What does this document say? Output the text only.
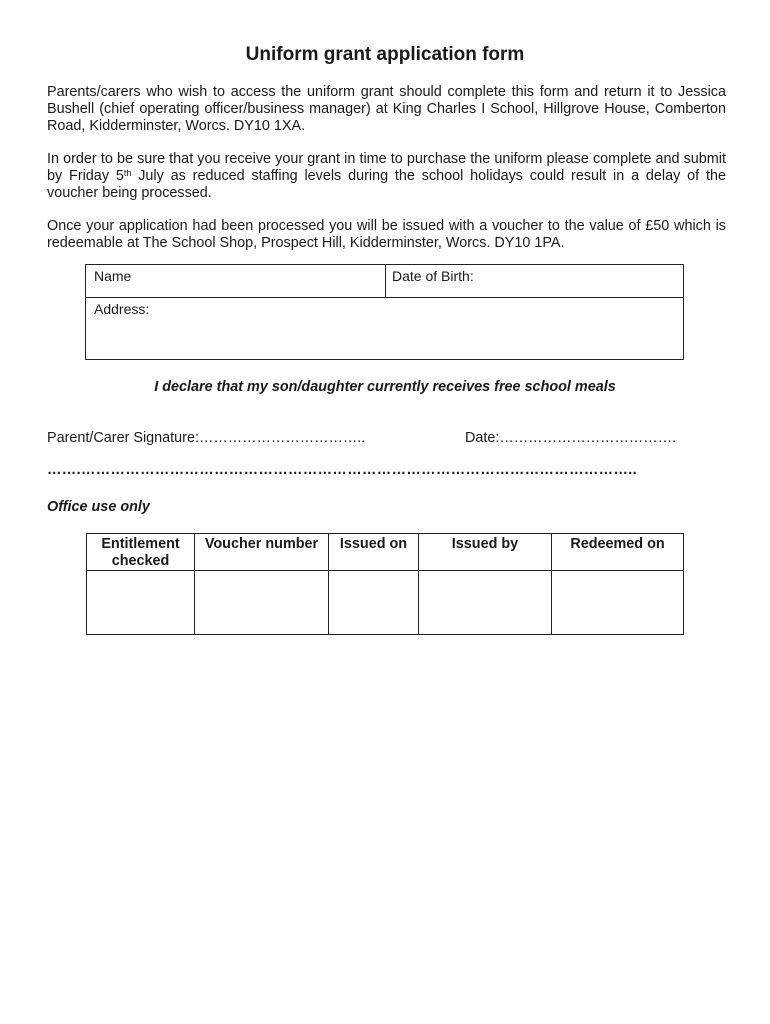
Uniform grant application form
Parents/carers who wish to access the uniform grant should complete this form and return it to Jessica Bushell (chief operating officer/business manager) at King Charles I School, Hillgrove House, Comberton Road, Kidderminster, Worcs. DY10 1XA.
In order to be sure that you receive your grant in time to purchase the uniform please complete and submit by Friday 5th July as reduced staffing levels during the school holidays could result in a delay of the voucher being processed.
Once your application had been processed you will be issued with a voucher to the value of £50 which is redeemable at The School Shop, Prospect Hill, Kidderminster, Worcs. DY10 1PA.
Name	Date of Birth:
Address:
I declare that my son/daughter currently receives free school meals
Parent/Carer Signature:……………………………..	Date:……………………………….
…….…………………………………………………………………………………………………..
Office use only
Entitlement checked	Voucher number	Issued on	Issued by	Redeemed on
